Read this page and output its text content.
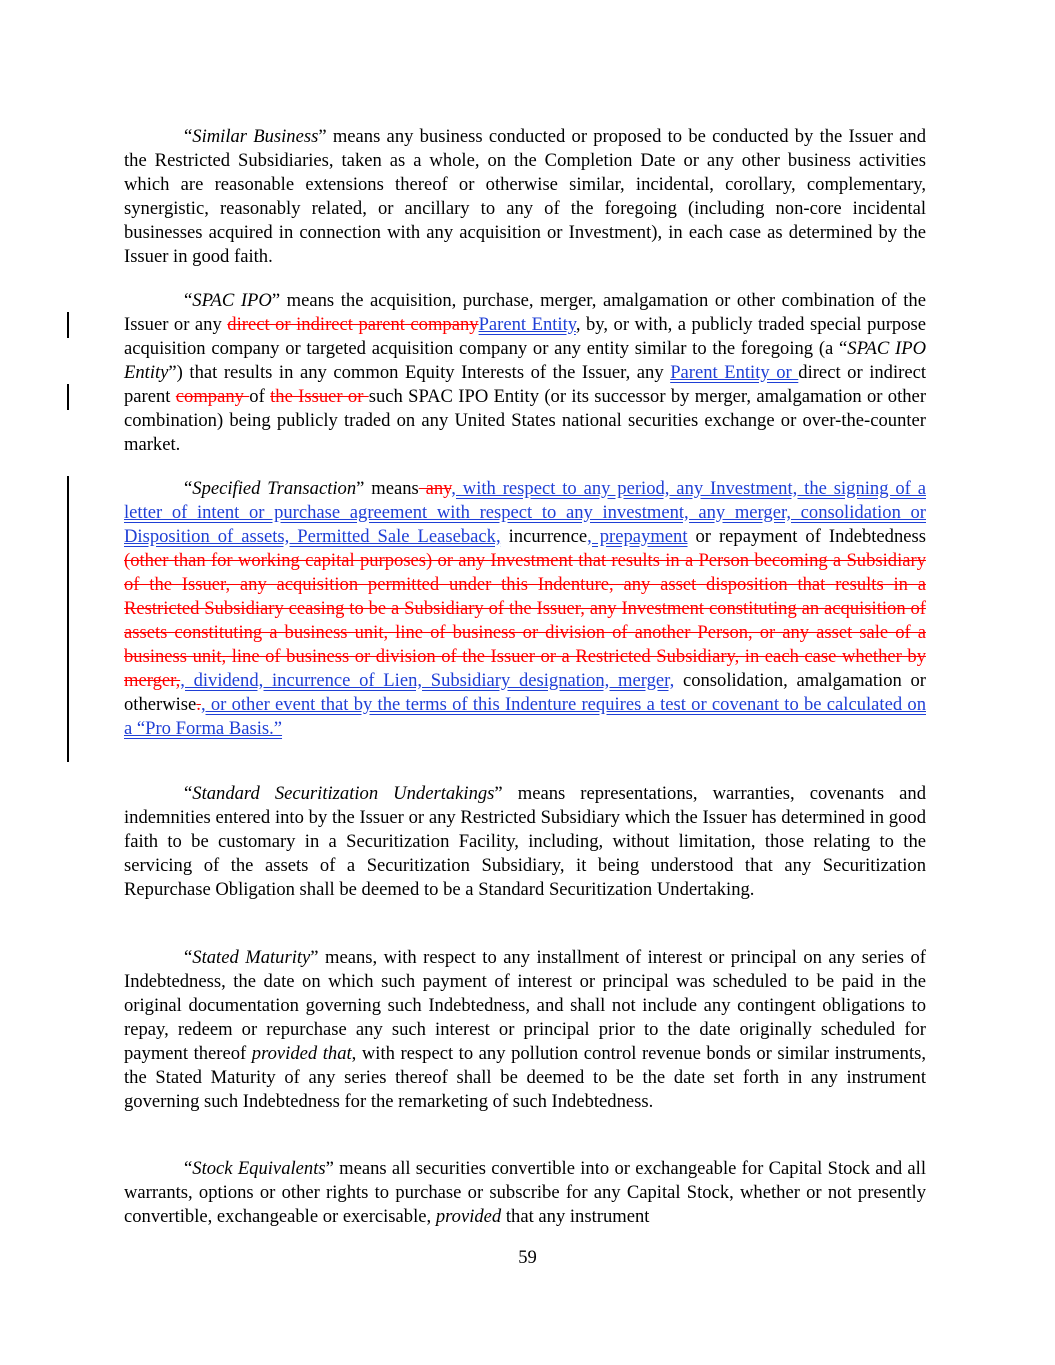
“Similar Business” means any business conducted or proposed to be conducted by the Issuer and the Restricted Subsidiaries, taken as a whole, on the Completion Date or any other business activities which are reasonable extensions thereof or otherwise similar, incidental, corollary, complementary, synergistic, reasonably related, or ancillary to any of the foregoing (including non-core incidental businesses acquired in connection with any acquisition or Investment), in each case as determined by the Issuer in good faith.

“SPAC IPO” means the acquisition, purchase, merger, amalgamation or other combination of the Issuer or any direct or indirect parent companyParent Entity, by, or with, a publicly traded special purpose acquisition company or targeted acquisition company or any entity similar to the foregoing (a “SPAC IPO Entity”) that results in any common Equity Interests of the Issuer, any Parent Entity or direct or indirect parent company of the Issuer or such SPAC IPO Entity (or its successor by merger, amalgamation or other combination) being publicly traded on any United States national securities exchange or over-the-counter market.

“Specified Transaction” means any, with respect to any period, any Investment, the signing of a letter of intent or purchase agreement with respect to any investment, any merger, consolidation or Disposition of assets, Permitted Sale Leaseback, incurrence, prepayment or repayment of Indebtedness (other than for working capital purposes) or any Investment that results in a Person becoming a Subsidiary of the Issuer, any acquisition permitted under this Indenture, any asset disposition that results in a Restricted Subsidiary ceasing to be a Subsidiary of the Issuer, any Investment constituting an acquisition of assets constituting a business unit, line of business or division of another Person, or any asset sale of a business unit, line of business or division of the Issuer or a Restricted Subsidiary, in each case whether by merger,, dividend, incurrence of Lien, Subsidiary designation, merger, consolidation, amalgamation or otherwise., or other event that by the terms of this Indenture requires a test or covenant to be calculated on a “Pro Forma Basis.”

“Standard Securitization Undertakings” means representations, warranties, covenants and indemnities entered into by the Issuer or any Restricted Subsidiary which the Issuer has determined in good faith to be customary in a Securitization Facility, including, without limitation, those relating to the servicing of the assets of a Securitization Subsidiary, it being understood that any Securitization Repurchase Obligation shall be deemed to be a Standard Securitization Undertaking.

“Stated Maturity” means, with respect to any installment of interest or principal on any series of Indebtedness, the date on which such payment of interest or principal was scheduled to be paid in the original documentation governing such Indebtedness, and shall not include any contingent obligations to repay, redeem or repurchase any such interest or principal prior to the date originally scheduled for payment thereof provided that, with respect to any pollution control revenue bonds or similar instruments, the Stated Maturity of any series thereof shall be deemed to be the date set forth in any instrument governing such Indebtedness for the remarketing of such Indebtedness.

“Stock Equivalents” means all securities convertible into or exchangeable for Capital Stock and all warrants, options or other rights to purchase or subscribe for any Capital Stock, whether or not presently convertible, exchangeable or exercisable, provided that any instrument

59
